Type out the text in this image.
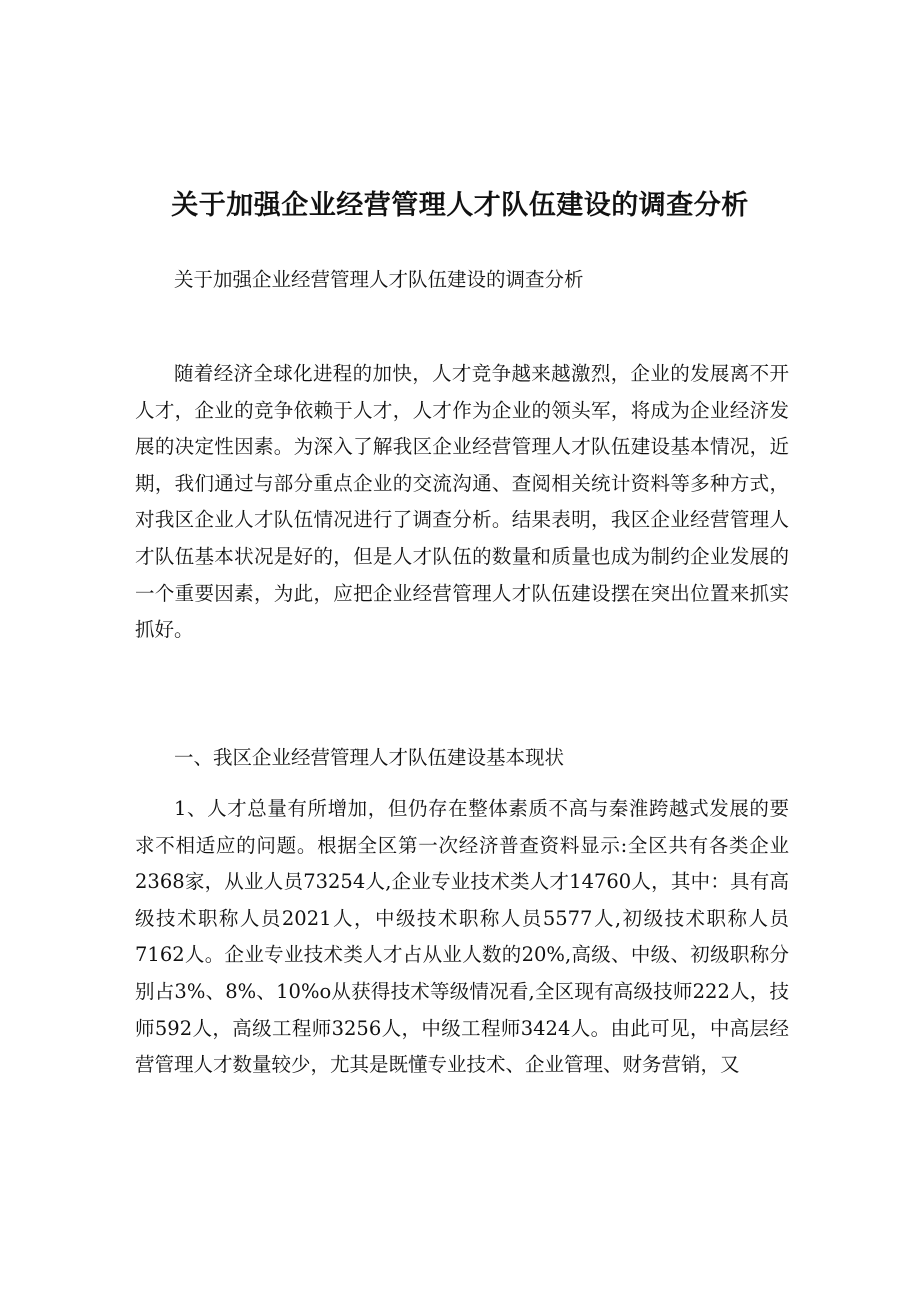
关于加强企业经营管理人才队伍建设的调查分析

关于加强企业经营管理人才队伍建设的调查分析

随着经济全球化进程的加快，人才竞争越来越激烈，企业的发展离不开人才，企业的竞争依赖于人才，人才作为企业的领头军，将成为企业经济发展的决定性因素。为深入了解我区企业经营管理人才队伍建设基本情况，近期，我们通过与部分重点企业的交流沟通、查阅相关统计资料等多种方式，对我区企业人才队伍情况进行了调查分析。结果表明，我区企业经营管理人才队伍基本状况是好的，但是人才队伍的数量和质量也成为制约企业发展的一个重要因素，为此，应把企业经营管理人才队伍建设摆在突出位置来抓实抓好。

一、我区企业经营管理人才队伍建设基本现状

1、人才总量有所增加，但仍存在整体素质不高与秦淮跨越式发展的要求不相适应的问题。根据全区第一次经济普查资料显示:全区共有各类企业2368家，从业人员73254人,企业专业技术类人才14760人，其中：具有高级技术职称人员2021人，中级技术职称人员5577人,初级技术职称人员7162人。企业专业技术类人才占从业人数的20%,高级、中级、初级职称分别占3%、8%、10%o从获得技术等级情况看,全区现有高级技师222人，技师592人，高级工程师3256人，中级工程师3424人。由此可见，中高层经营管理人才数量较少，尤其是既懂专业技术、企业管理、财务营销，又
